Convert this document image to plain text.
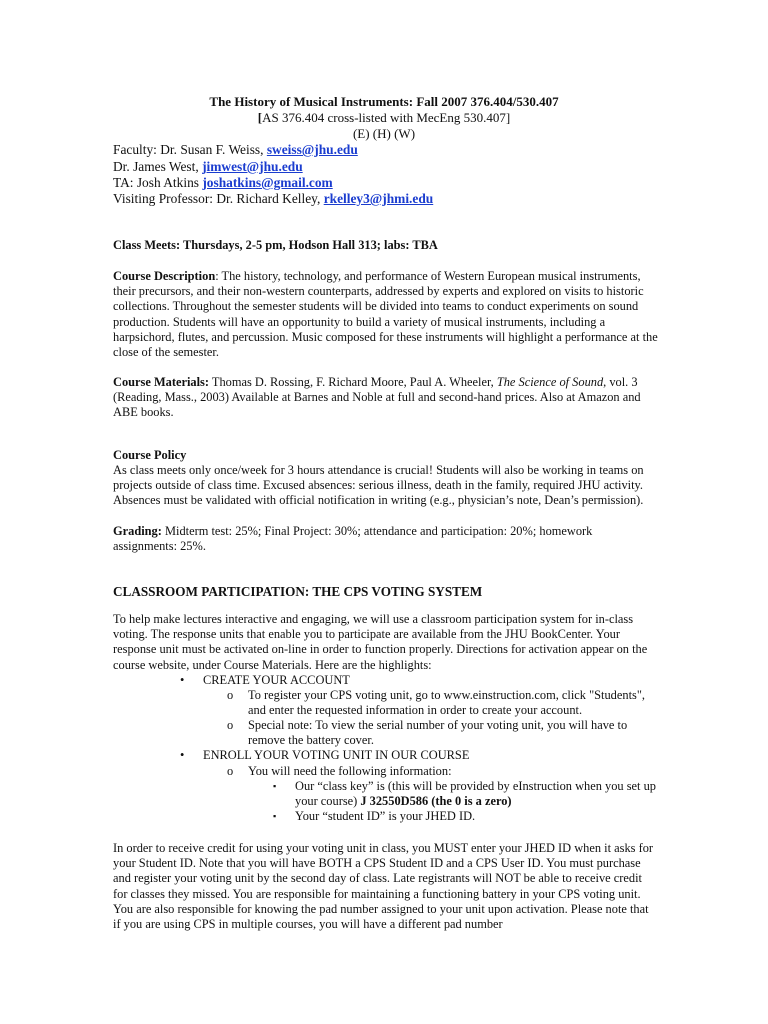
The History of Musical Instruments: Fall 2007 376.404/530.407
[AS 376.404 cross-listed with MecEng 530.407]
(E) (H) (W)
Faculty: Dr. Susan F. Weiss, sweiss@jhu.edu
Dr. James West, jimwest@jhu.edu
TA: Josh Atkins joshatkins@gmail.com
Visiting Professor: Dr. Richard Kelley, rkelley3@jhmi.edu
Class Meets: Thursdays, 2-5 pm, Hodson Hall 313; labs: TBA
Course Description: The history, technology, and performance of Western European musical instruments, their precursors, and their non-western counterparts, addressed by experts and explored on visits to historic collections. Throughout the semester students will be divided into teams to conduct experiments on sound production. Students will have an opportunity to build a variety of musical instruments, including a harpsichord, flutes, and percussion. Music composed for these instruments will highlight a performance at the close of the semester.
Course Materials: Thomas D. Rossing, F. Richard Moore, Paul A. Wheeler, The Science of Sound, vol. 3 (Reading, Mass., 2003) Available at Barnes and Noble at full and second-hand prices. Also at Amazon and ABE books.
Course Policy
As class meets only once/week for 3 hours attendance is crucial! Students will also be working in teams on projects outside of class time. Excused absences: serious illness, death in the family, required JHU activity. Absences must be validated with official notification in writing (e.g., physician’s note, Dean’s permission).
Grading: Midterm test: 25%; Final Project: 30%; attendance and participation: 20%; homework assignments: 25%.
CLASSROOM PARTICIPATION: THE CPS VOTING SYSTEM
To help make lectures interactive and engaging, we will use a classroom participation system for in-class voting. The response units that enable you to participate are available from the JHU BookCenter. Your response unit must be activated on-line in order to function properly. Directions for activation appear on the course website, under Course Materials. Here are the highlights:
• CREATE YOUR ACCOUNT
o To register your CPS voting unit, go to www.einstruction.com, click "Students", and enter the requested information in order to create your account.
o Special note: To view the serial number of your voting unit, you will have to remove the battery cover.
• ENROLL YOUR VOTING UNIT IN OUR COURSE
o You will need the following information:
▪ Our “class key” is (this will be provided by eInstruction when you set up your course) J 32550D586 (the 0 is a zero)
▪ Your “student ID” is your JHED ID.
In order to receive credit for using your voting unit in class, you MUST enter your JHED ID when it asks for your Student ID. Note that you will have BOTH a CPS Student ID and a CPS User ID. You must purchase and register your voting unit by the second day of class. Late registrants will NOT be able to receive credit for classes they missed. You are responsible for maintaining a functioning battery in your CPS voting unit. You are also responsible for knowing the pad number assigned to your unit upon activation. Please note that if you are using CPS in multiple courses, you will have a different pad number
